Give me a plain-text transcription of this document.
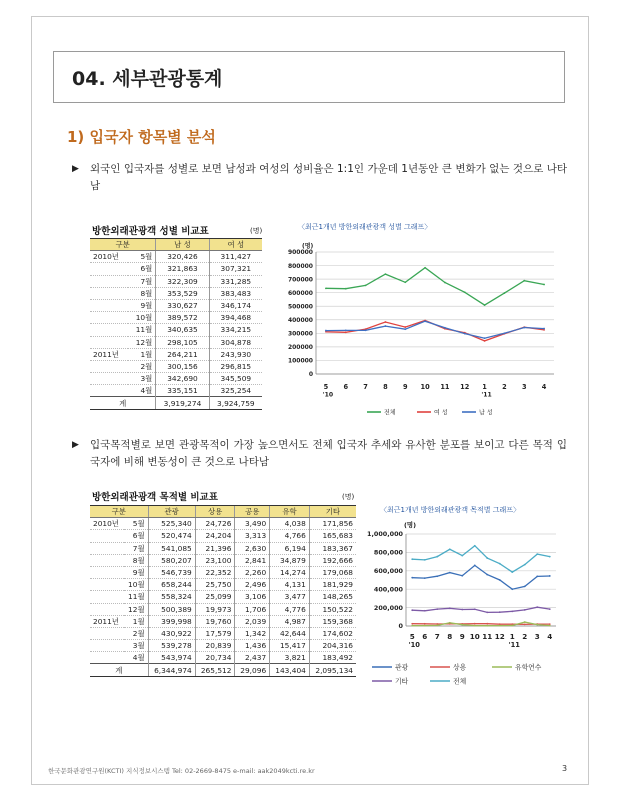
04. 세부관광통계
1) 입국자 항목별 분석
▶ 외국인 입국자를 성별로 보면 남성과 여성의 성비율은 1:1인 가운데 1년동안 큰 변화가 없는 것으로 나타남
방한외래관광객 성별 비교표	(명)
구분		남 성	여 성
2010년	5월	320,426	311,427
	6월	321,863	307,321
	7월	322,309	331,285
	8월	353,529	383,483
	9월	330,627	346,174
	10월	389,572	394,468
	11월	340,635	334,215
	12월	298,105	304,878
2011년	1월	264,211	243,930
	2월	300,156	296,815
	3월	342,690	345,509
	4월	335,151	325,254
계		3,919,274	3,924,759
〈최근1개년 방한외래관광객 성별 그래프〉
0
100000
200000
300000
400000
500000
600000
700000
800000
900000
(명)
5 6 7 8 9 10 11 12 1 2 3 4
'10	'11
전체	여 성	남 성
▶ 입국목적별로 보면 관광목적이 가장 높으면서도 전체 입국자 추세와 유사한 분포를 보이고 다른 목적 입국자에 비해 변동성이 큰 것으로 나타남
방한외래관광객 목적별 비교표	(명)
구분		관광	상용	공용	유학	기타
2010년	5월	525,340	24,726	3,490	4,038	171,856
	6월	520,474	24,204	3,313	4,766	165,683
	7월	541,085	21,396	2,630	6,194	183,367
	8월	580,207	23,100	2,841	34,879	192,666
	9월	546,739	22,352	2,260	14,274	179,068
	10월	658,244	25,750	2,496	4,131	181,929
	11월	558,324	25,099	3,106	3,477	148,265
	12월	500,389	19,973	1,706	4,776	150,522
2011년	1월	399,998	19,760	2,039	4,987	159,368
	2월	430,922	17,579	1,342	42,644	174,602
	3월	539,278	20,839	1,436	15,417	204,316
	4월	543,974	20,734	2,437	3,821	183,492
계		6,344,974	265,512	29,096	143,404	2,095,134
〈최근1개년 방한외래관광객 목적별 그래프〉
0
200,000
400,000
600,000
800,000
1,000,000
(명)
5 6 7 8 9 10 11 12 1 2 3 4
'10	'11
관광	상용	유학연수
기타	전체
한국문화관광연구원(KCTI) 지식정보시스템 Tel: 02-2669-8475 e-mail: aak2049kcti.re.kr	3
